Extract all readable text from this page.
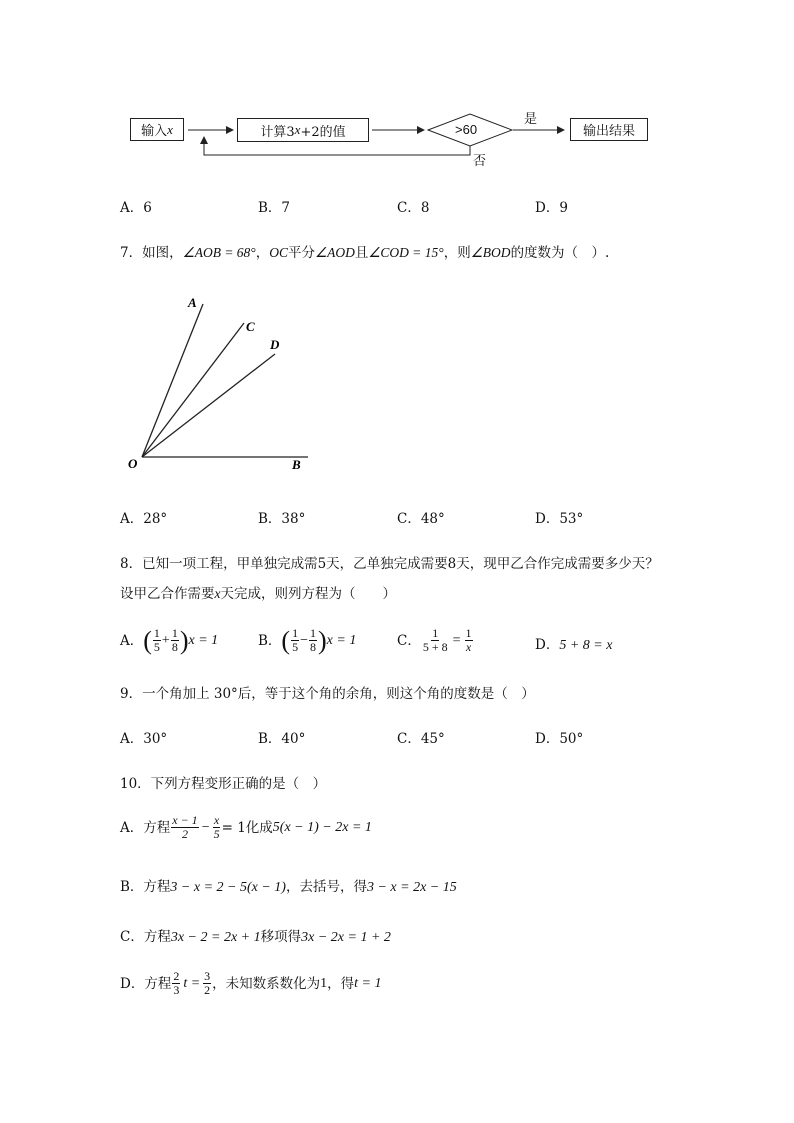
输入 x	计算3 x +2的值	输出结果
>60
是
否
A．6	B．7	C．8	D．9
7．如图，∠AOB = 68°，OC平分∠AOD且∠COD = 15°，则∠BOD的度数为（　）.
A
C
D
O	B
A．28°	B．38°	C．48°	D．53°
8．已知一项工程，甲单独完成需5天，乙单独完成需要8天，现甲乙合作完成需要多少天？
设甲乙合作需要x天完成，则列方程为（　　）
A． ( $\frac{1}{5} + \frac{1}{8}$ ) x = 1	B． ( $\frac{1}{5} - \frac{1}{8}$ ) x = 1	C． $\frac{1}{5 + 8} = \frac{1}{x}$	D．5 + 8 = x
9．一个角加上 30°后，等于这个角的余角，则这个角的度数是（　）
A．30°	B．40°	C．45°	D．50°
10．下列方程变形正确的是（　）
A．方程 $\frac{x - 1}{2} - \frac{x}{5} = 1$化成 5(x − 1) − 2x = 1
B．方程3 − x = 2 − 5(x − 1)，去括号，得3 − x = 2x − 15
C．方程3x − 2 = 2x + 1移项得3x − 2x = 1 + 2
D．方程 $\frac{2}{3}$ $t = \frac{3}{2}$ ，未知数系数化为 1 ，得 t = 1
